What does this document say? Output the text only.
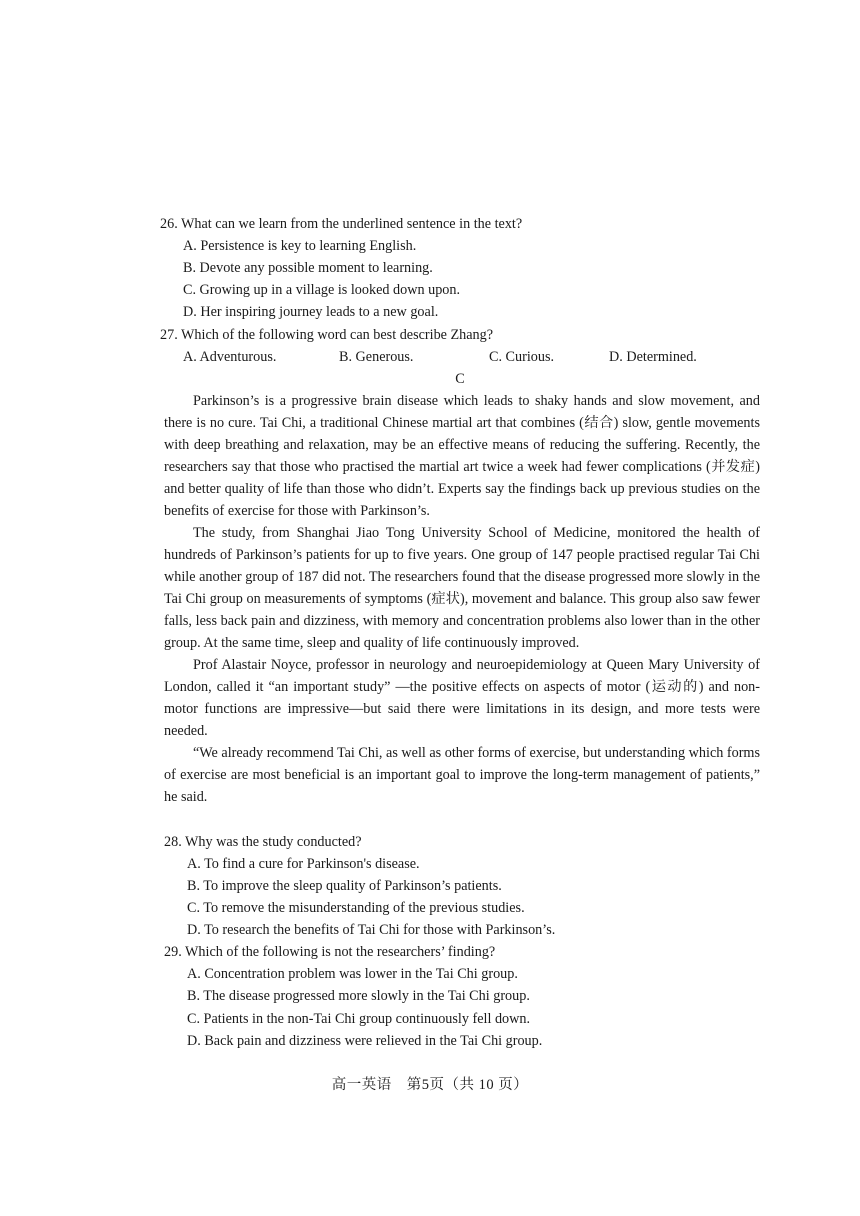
26. What can we learn from the underlined sentence in the text?
A. Persistence is key to learning English.
B. Devote any possible moment to learning.
C. Growing up in a village is looked down upon.
D. Her inspiring journey leads to a new goal.
27. Which of the following word can best describe Zhang?
A. Adventurous.	B. Generous.	C. Curious.	D. Determined.
C

Parkinson’s is a progressive brain disease which leads to shaky hands and slow movement, and there is no cure. Tai Chi, a traditional Chinese martial art that combines (结合) slow, gentle movements with deep breathing and relaxation, may be an effective means of reducing the suffering. Recently, the researchers say that those who practised the martial art twice a week had fewer complications (并发症) and better quality of life than those who didn’t. Experts say the findings back up previous studies on the benefits of exercise for those with Parkinson’s.

The study, from Shanghai Jiao Tong University School of Medicine, monitored the health of hundreds of Parkinson’s patients for up to five years. One group of 147 people practised regular Tai Chi while another group of 187 did not. The researchers found that the disease progressed more slowly in the Tai Chi group on measurements of symptoms (症状), movement and balance. This group also saw fewer falls, less back pain and dizziness, with memory and concentration problems also lower than in the other group. At the same time, sleep and quality of life continuously improved.

Prof Alastair Noyce, professor in neurology and neuroepidemiology at Queen Mary University of London, called it “an important study” —the positive effects on aspects of motor (运动的) and non-motor functions are impressive—but said there were limitations in its design, and more tests were needed.

“We already recommend Tai Chi, as well as other forms of exercise, but understanding which forms of exercise are most beneficial is an important goal to improve the long-term management of patients,” he said.

28. Why was the study conducted?
A. To find a cure for Parkinson's disease.
B. To improve the sleep quality of Parkinson’s patients.
C. To remove the misunderstanding of the previous studies.
D. To research the benefits of Tai Chi for those with Parkinson’s.
29. Which of the following is not the researchers’ finding?
A. Concentration problem was lower in the Tai Chi group.
B. The disease progressed more slowly in the Tai Chi group.
C. Patients in the non-Tai Chi group continuously fell down.
D. Back pain and dizziness were relieved in the Tai Chi group.
高一英语　第5页（共 10 页）
